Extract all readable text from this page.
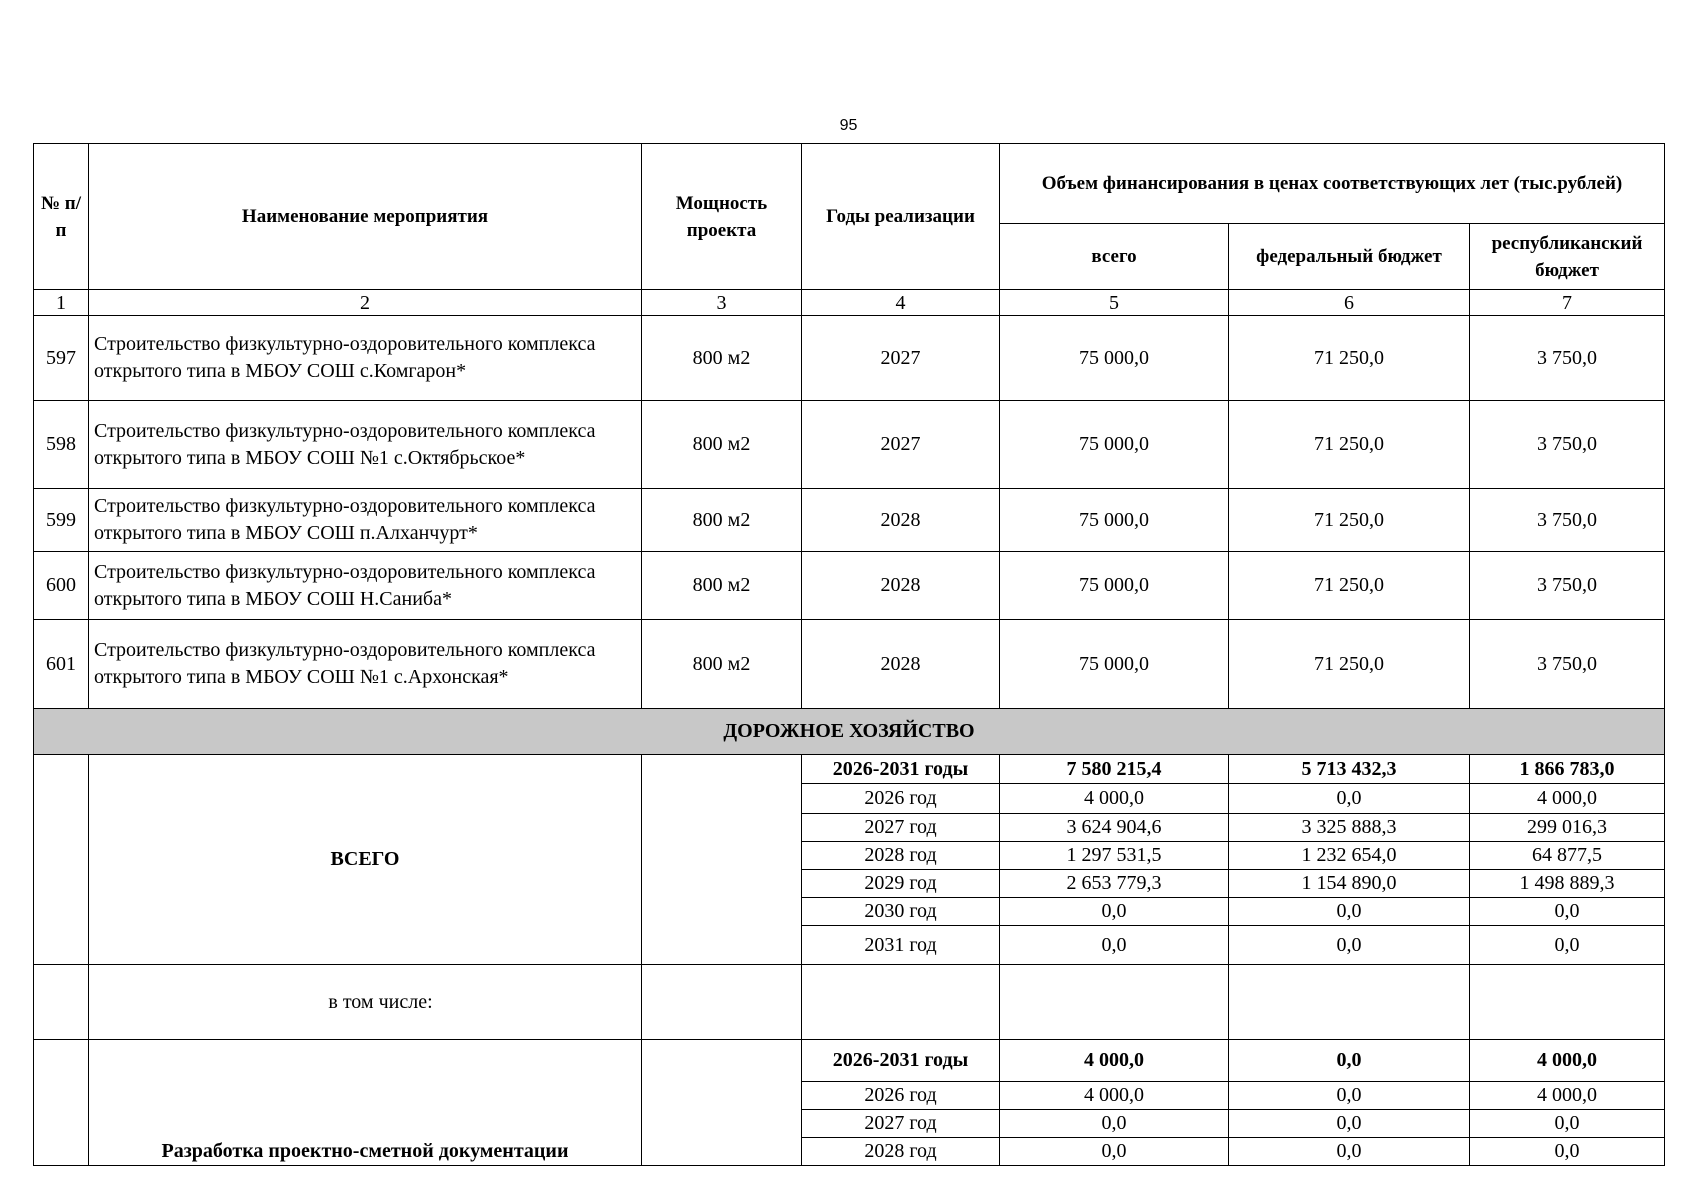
95
№ п/п	Наименование мероприятия	Мощность проекта	Годы реализации	Объем финансирования в ценах соответствующих лет (тыс.рублей)		
				всего	федеральный бюджет	республиканский бюджет
1	2	3	4	5	6	7
597	Строительство физкультурно-оздоровительного комплекса открытого типа в МБОУ СОШ с.Комгарон*	800 м2	2027	75 000,0	71 250,0	3 750,0
598	Строительство физкультурно-оздоровительного комплекса открытого типа в МБОУ СОШ №1 с.Октябрьское*	800 м2	2027	75 000,0	71 250,0	3 750,0
599	Строительство физкультурно-оздоровительного комплекса открытого типа в МБОУ СОШ п.Алханчурт*	800 м2	2028	75 000,0	71 250,0	3 750,0
600	Строительство физкультурно-оздоровительного комплекса открытого типа в МБОУ СОШ Н.Саниба*	800 м2	2028	75 000,0	71 250,0	3 750,0
601	Строительство физкультурно-оздоровительного комплекса открытого типа в МБОУ СОШ №1 с.Архонская*	800 м2	2028	75 000,0	71 250,0	3 750,0
ДОРОЖНОЕ ХОЗЯЙСТВО						
	ВСЕГО		2026-2031 годы	7 580 215,4	5 713 432,3	1 866 783,0
			2026 год	4 000,0	0,0	4 000,0
			2027 год	3 624 904,6	3 325 888,3	299 016,3
			2028 год	1 297 531,5	1 232 654,0	64 877,5
			2029 год	2 653 779,3	1 154 890,0	1 498 889,3
			2030 год	0,0	0,0	0,0
			2031 год	0,0	0,0	0,0
	в том числе:					
	Разработка проектно-сметной документации		2026-2031 годы	4 000,0	0,0	4 000,0
			2026 год	4 000,0	0,0	4 000,0
			2027 год	0,0	0,0	0,0
			2028 год	0,0	0,0	0,0
